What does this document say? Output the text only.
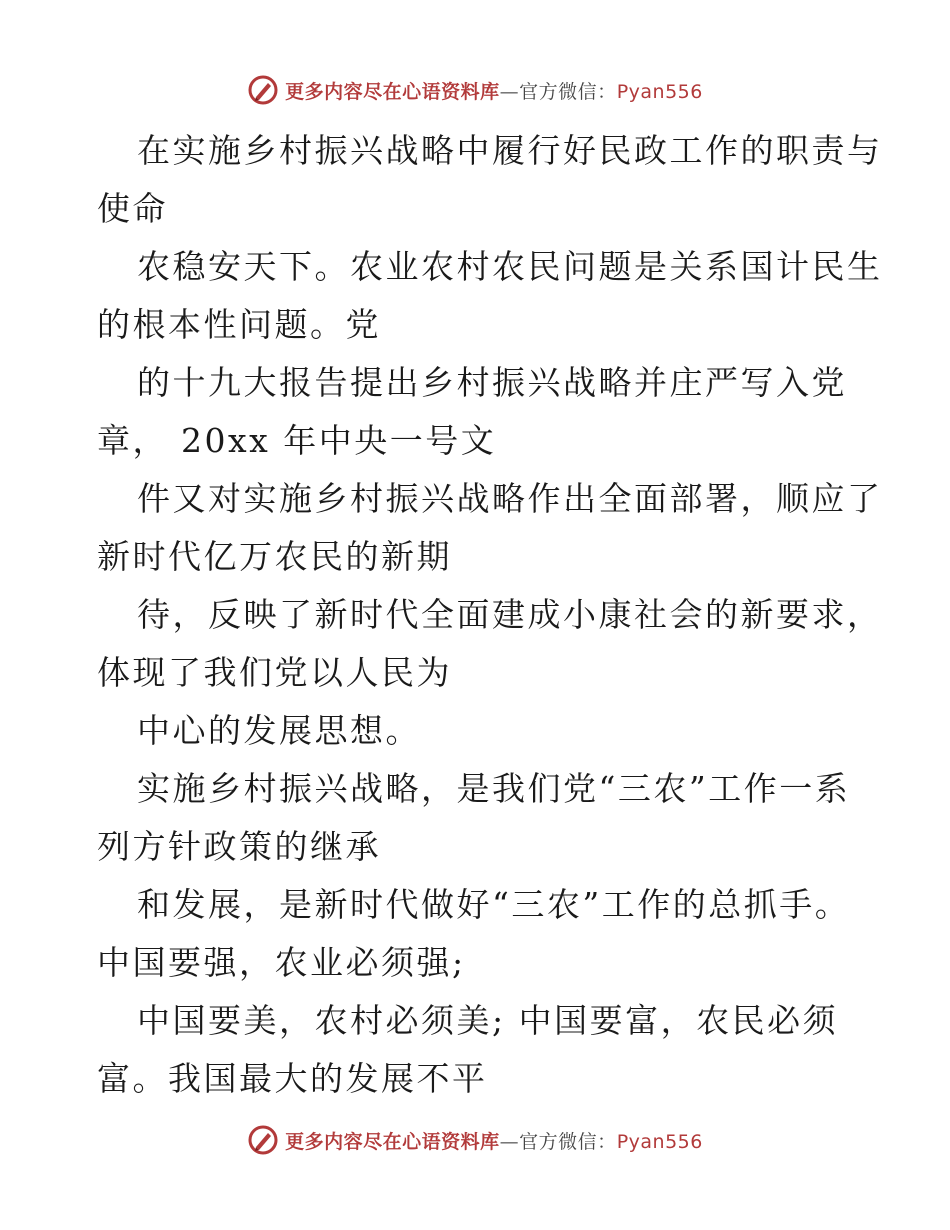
更多内容尽在心语资料库—官方微信：Pyan556
在实施乡村振兴战略中履行好民政工作的职责与
使命
农稳安天下。农业农村农民问题是关系国计民生
的根本性问题。党
的十九大报告提出乡村振兴战略并庄严写入党
章， 20xx 年中央一号文
件又对实施乡村振兴战略作出全面部署，顺应了
新时代亿万农民的新期
待，反映了新时代全面建成小康社会的新要求，
体现了我们党以人民为
中心的发展思想。
实施乡村振兴战略，是我们党“三农”工作一系
列方针政策的继承
和发展，是新时代做好“三农”工作的总抓手。
中国要强，农业必须强;
中国要美，农村必须美; 中国要富，农民必须
富。我国最大的发展不平
更多内容尽在心语资料库—官方微信：Pyan556
